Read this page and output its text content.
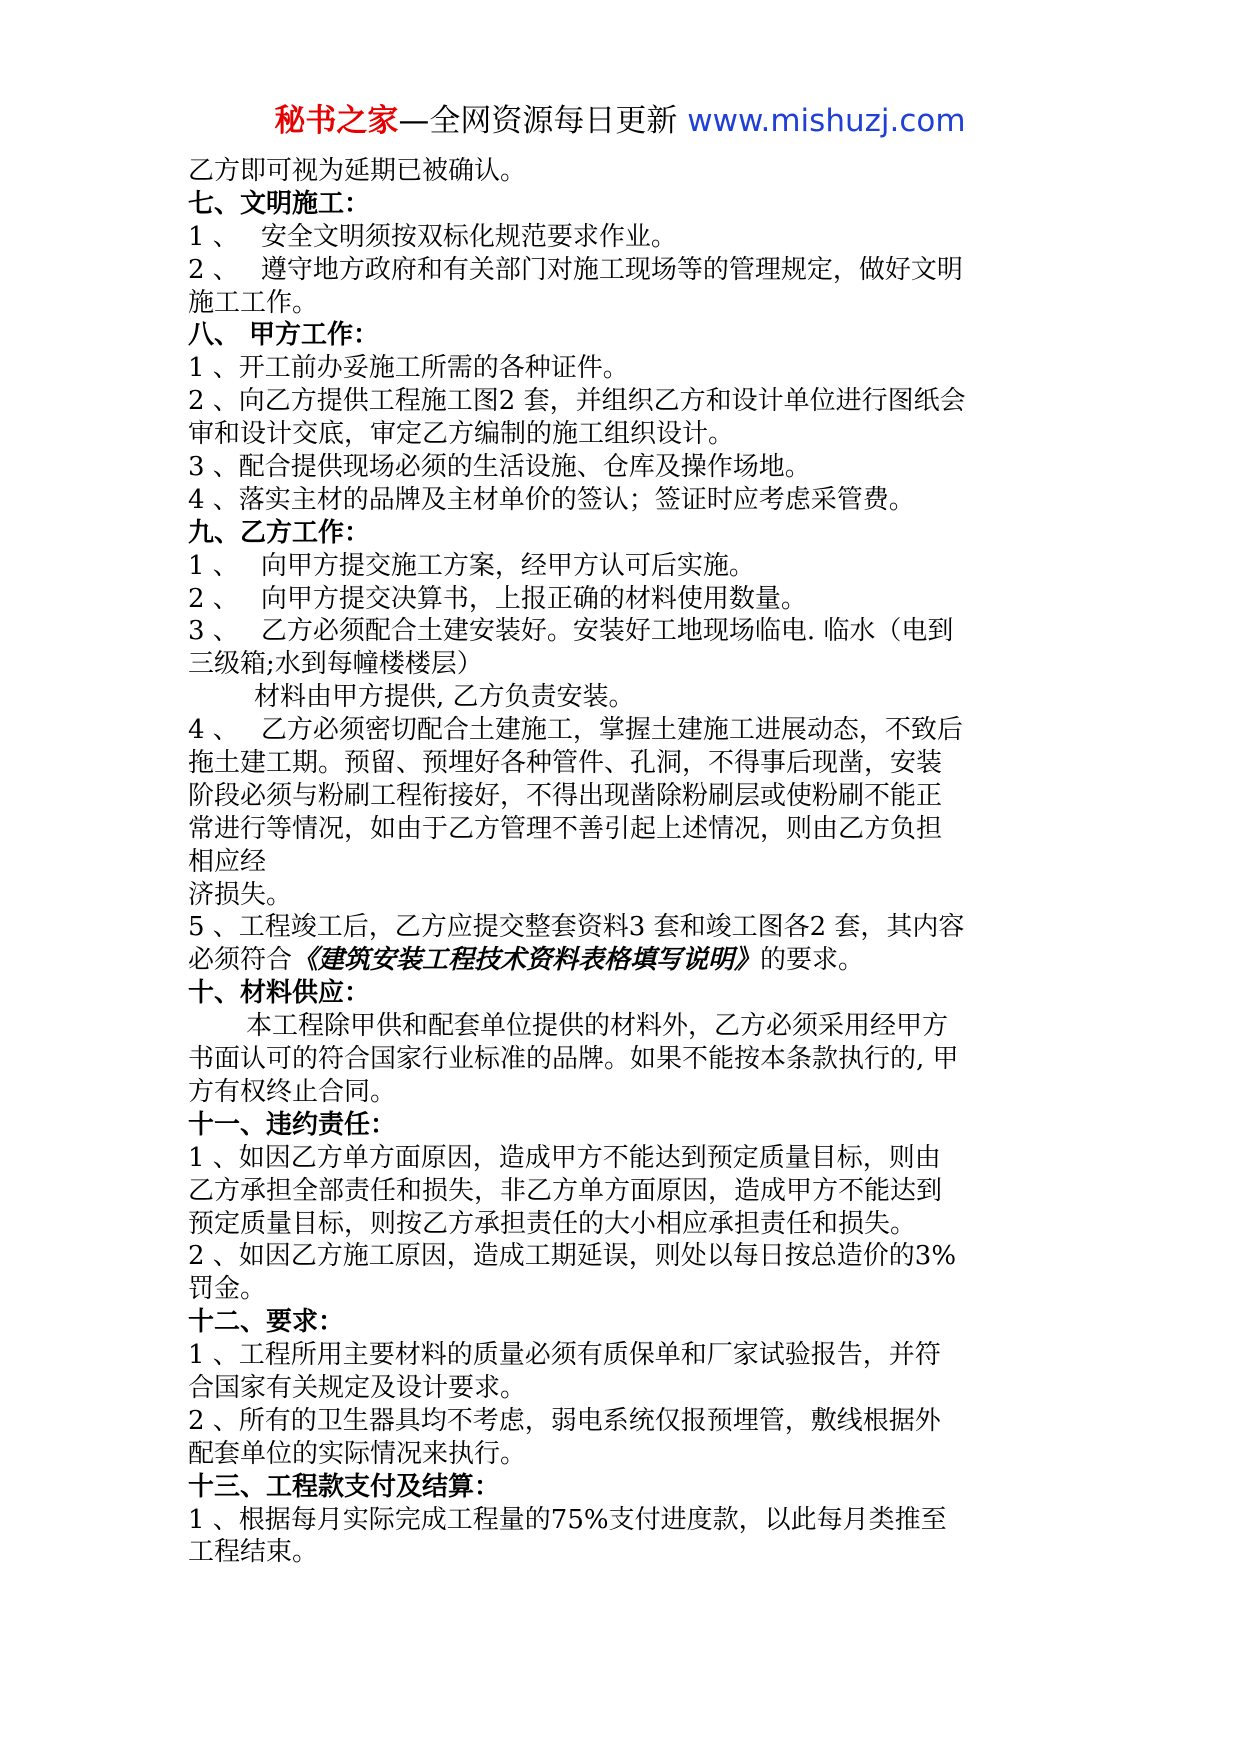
秘书之家—全网资源每日更新 www.mishuzj.com
乙方即可视为延期已被确认。
七、文明施工：
1 、 安全文明须按双标化规范要求作业。
2 、 遵守地方政府和有关部门对施工现场等的管理规定，做好文明
施工工作。
八、 甲方工作：
1 、开工前办妥施工所需的各种证件。
2 、向乙方提供工程施工图2 套，并组织乙方和设计单位进行图纸会
审和设计交底，审定乙方编制的施工组织设计。
3 、配合提供现场必须的生活设施、仓库及操作场地。
4 、落实主材的品牌及主材单价的签认；签证时应考虑采管费。
九、乙方工作：
1 、 向甲方提交施工方案，经甲方认可后实施。
2 、 向甲方提交决算书，上报正确的材料使用数量。
3 、 乙方必须配合土建安装好。安装好工地现场临电. 临水（电到
三级箱;水到每幢楼楼层）
材料由甲方提供, 乙方负责安装。
4 、 乙方必须密切配合土建施工，掌握土建施工进展动态，不致后
拖土建工期。预留、预埋好各种管件、孔洞，不得事后现凿，安装
阶段必须与粉刷工程衔接好，不得出现凿除粉刷层或使粉刷不能正
常进行等情况，如由于乙方管理不善引起上述情况，则由乙方负担
相应经
济损失。
5 、工程竣工后，乙方应提交整套资料3 套和竣工图各2 套，其内容
必须符合《建筑安装工程技术资料表格填写说明》的要求。
十、材料供应：
本工程除甲供和配套单位提供的材料外，乙方必须采用经甲方
书面认可的符合国家行业标准的品牌。如果不能按本条款执行的, 甲
方有权终止合同。
十一、违约责任：
1 、如因乙方单方面原因，造成甲方不能达到预定质量目标，则由
乙方承担全部责任和损失，非乙方单方面原因，造成甲方不能达到
预定质量目标，则按乙方承担责任的大小相应承担责任和损失。
2 、如因乙方施工原因，造成工期延误，则处以每日按总造价的3%
罚金。
十二、要求：
1 、工程所用主要材料的质量必须有质保单和厂家试验报告，并符
合国家有关规定及设计要求。
2 、所有的卫生器具均不考虑，弱电系统仅报预埋管，敷线根据外
配套单位的实际情况来执行。
十三、工程款支付及结算：
1 、根据每月实际完成工程量的75%支付进度款，以此每月类推至
工程结束。
